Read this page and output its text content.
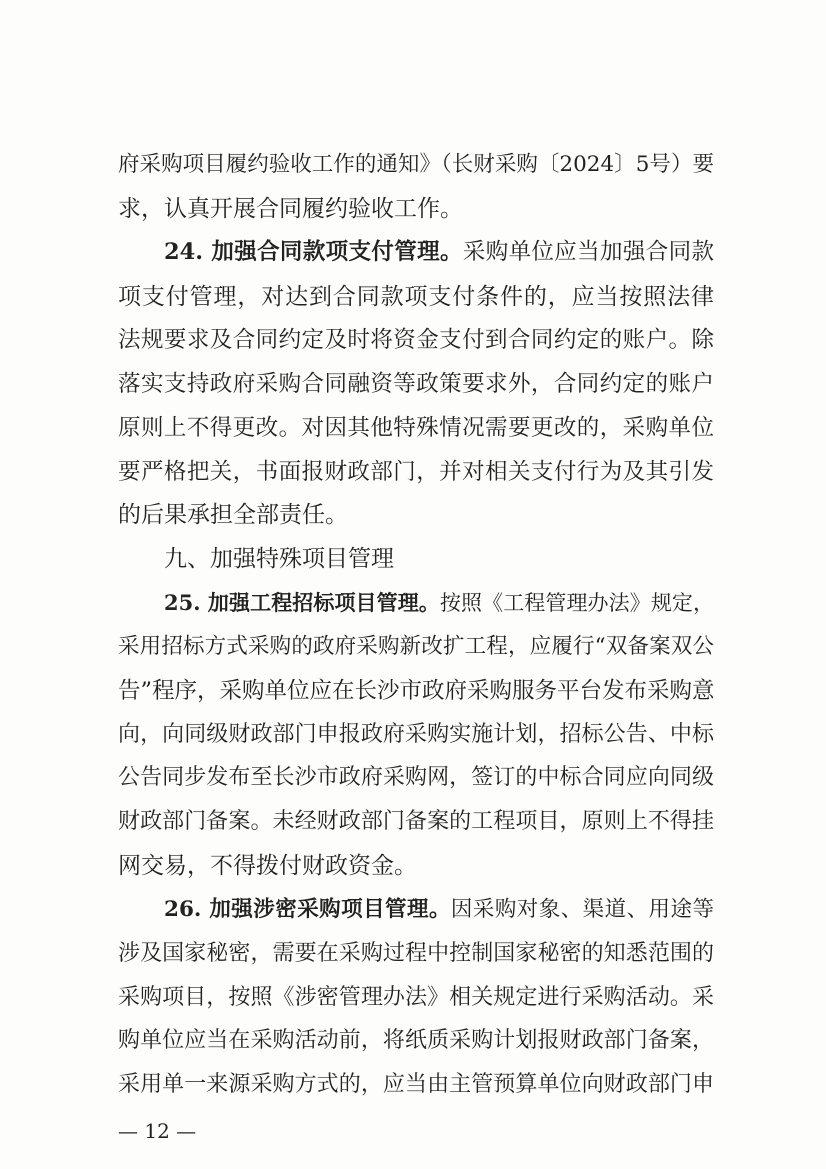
府采购项目履约验收工作的通知》（长财采购〔2024〕5号）要
求，认真开展合同履约验收工作。
24. 加强合同款项支付管理。采购单位应当加强合同款
项支付管理，对达到合同款项支付条件的，应当按照法律
法规要求及合同约定及时将资金支付到合同约定的账户。除
落实支持政府采购合同融资等政策要求外，合同约定的账户
原则上不得更改。对因其他特殊情况需要更改的，采购单位
要严格把关，书面报财政部门，并对相关支付行为及其引发
的后果承担全部责任。
九、加强特殊项目管理
25. 加强工程招标项目管理。按照《工程管理办法》规定，
采用招标方式采购的政府采购新改扩工程，应履行“双备案双公
告”程序，采购单位应在长沙市政府采购服务平台发布采购意
向，向同级财政部门申报政府采购实施计划，招标公告、中标
公告同步发布至长沙市政府采购网，签订的中标合同应向同级
财政部门备案。未经财政部门备案的工程项目，原则上不得挂
网交易，不得拨付财政资金。
26. 加强涉密采购项目管理。因采购对象、渠道、用途等
涉及国家秘密，需要在采购过程中控制国家秘密的知悉范围的
采购项目，按照《涉密管理办法》相关规定进行采购活动。采
购单位应当在采购活动前，将纸质采购计划报财政部门备案，
采用单一来源采购方式的，应当由主管预算单位向财政部门申
— 12 —
